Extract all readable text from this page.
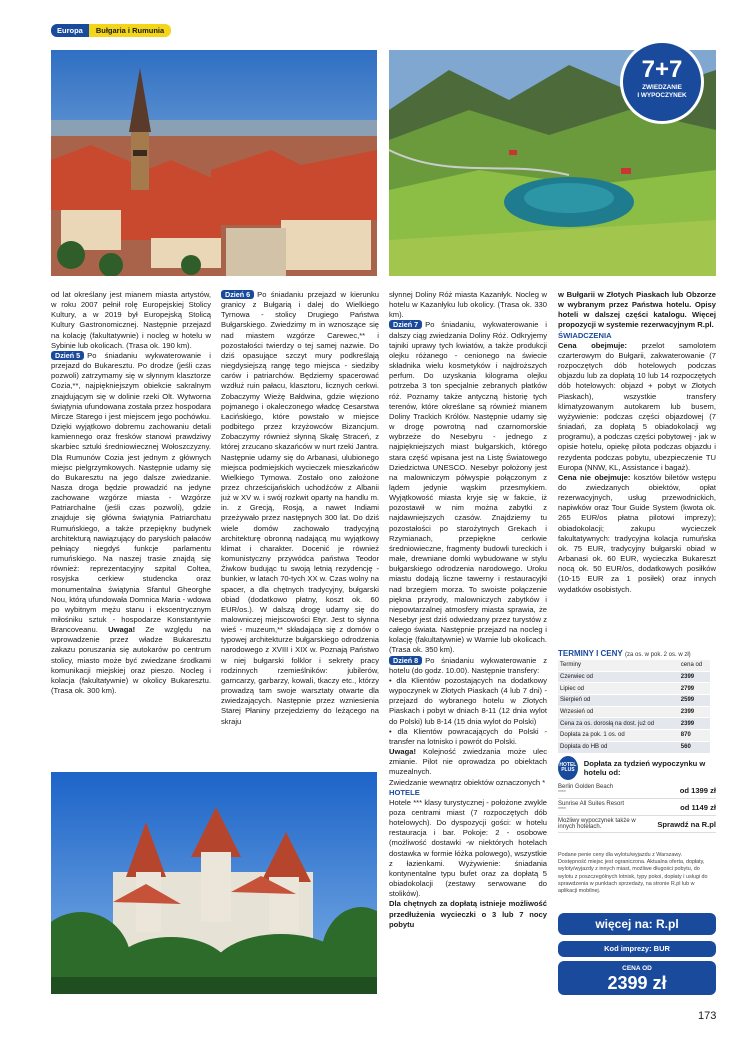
Europa	Bułgaria i Rumunia
7+7
ZWIEDZANIE
I WYPOCZYNEK

od lat określany jest mianem miasta artystów, w roku 2007 pełnił rolę Europejskiej Stolicy Kultury, a w 2019 był Europejską Stolicą Kultury Gastronomicznej. Następnie przejazd na kolację (fakultatywnie) i nocleg w hotelu w Sybinie lub okolicach. (Trasa ok. 190 km).

Dzień 5 Po śniadaniu wykwaterowanie i przejazd do Bukaresztu. Po drodze (jeśli czas pozwoli) zatrzymamy się w słynnym klasztorze Cozia,**, najpiękniejszym obiekcie sakralnym znajdującym się w dolinie rzeki Olt. Wytworna świątynia ufundowana została przez hospodara Mircze Starego i jest miejscem jego pochówku. Dzięki wyjątkowo dobremu zachowaniu detali kamiennego oraz fresków stanowi prawdziwy skarbiec sztuki średniowiecznej Wołoszczyzny. Dla Rumunów Cozia jest jednym z głównych miejsc pielgrzymkowych. Następnie udamy się do Bukaresztu na jego dalsze zwiedzanie. Nasza droga będzie prowadzić na jedyne zachowane wzgórze miasta - Wzgórze Patriarchalne (jeśli czas pozwoli), gdzie znajduje się główna świątynia Patriarchatu Rumuńskiego, a także przepiękny budynek architekturą nawiązujący do paryskich pałaców pełniący niegdyś funkcje parlamentu rumuńskiego. Na naszej trasie znajdą się również: reprezentacyjny szpital Coltea, rosyjska cerkiew studencka oraz monumentalna świątynia Sfantul Gheorghe Nou, którą ufundowała Domnica Maria - wdowa po wybitnym mężu stanu i ekscentrycznym miłośniku sztuk - hospodarze Konstantynie Brancoveanu. Uwaga! Ze względu na wprowadzenie przez władze Bukaresztu zakazu poruszania się autokarów po centrum stolicy, miasto może być zwiedzane środkami komunikacji miejskiej oraz pieszo. Nocleg i kolacja (fakultatywnie) w okolicy Bukaresztu. (Trasa ok. 300 km).

Dzień 6 Po śniadaniu przejazd w kierunku granicy z Bułgarią i dalej do Wielkiego Tyrnowa - stolicy Drugiego Państwa Bułgarskiego. Zwiedzimy m in wznoszące się nad miastem wzgórze Carewec,** i pozostałości twierdzy o tej samej nazwie. Do dziś opasujące szczyt mury podkreślają niegdysiejszą rangę tego miejsca - siedziby carów i patriarchów. Będziemy spacerować wzdłuż ruin pałacu, klasztoru, licznych cerkwi. Zobaczymy Wieżę Bałdwina, gdzie więziono pojmanego i okaleczonego władcę Cesarstwa Łacińskiego, które powstało w miejsce podbitego przez krzyżowców Bizancjum. Zobaczymy również słynną Skałę Straceń, z której zrzucano skazańców w nurt rzeki Jantra. Następnie udamy się do Arbanasi, ulubionego miejsca podmiejskich wycieczek mieszkańców Wielkiego Tyrnowa. Zostało ono założone przez chrześcijańskich uchodźców z Albanii już w XV w. i swój rozkwit oparty na handlu m. in. z Grecją, Rosją, a nawet Indiami przeżywało przez następnych 300 lat. Do dziś wiele domów zachowało tradycyjną architekturę obronną nadającą mu wyjątkowy klimat i charakter. Docenić je również komunistyczny przywódca państwa Teodor Żiwkow budując tu swoją letnią rezydencję - bunkier, w latach 70-tych XX w. Czas wolny na spacer, a dla chętnych tradycyjny, bułgarski obiad (dodatkowo płatny, koszt ok. 60 EUR/os.). W dalszą drogę udamy się do malowniczej miejscowości Etyr. Jest to słynna wieś - muzeum,** składająca się z domów o typowej architekturze bułgarskiego odrodzenia narodowego z XVIII i XIX w. Poznają Państwo w niej bułgarski folklor i sekrety pracy rodzinnych rzemieślników: jubilerów, garncarzy, garbarzy, kowali, tkaczy etc., którzy prowadzą tam swoje warsztaty otwarte dla zwiedzających. Następnie przez wzniesienia Starej Płaniny przejedziemy do leżącego na skraju

słynnej Doliny Róż miasta Kazanłyk. Nocleg w hotelu w Kazanłyku lub okolicy. (Trasa ok. 330 km).

Dzień 7 Po śniadaniu, wykwaterowanie i dalszy ciąg zwiedzania Doliny Róż. Odkryjemy tajniki uprawy tych kwiatów, a także produkcji olejku różanego - cenionego na świecie składnika wielu kosmetyków i najdroższych perfum. Do uzyskania kilograma olejku potrzeba 3 ton specjalnie zebranych płatków róż. Poznamy także antyczną historię tych terenów, które określane są również mianem Doliny Trackich Królów. Następnie udamy się w drogę powrotną nad czarnomorskie wybrzeże do Nesebyru - jednego z najpiękniejszych miast bułgarskich, którego stara część wpisana jest na Listę Światowego Dziedzictwa UNESCO. Nesebyr położony jest na malowniczym półwyspie połączonym z lądem jedynie wąskim przesmykiem. Wyjątkowość miasta kryje się w fakcie, iż pozostawił w nim można zabytki z najdawniejszych czasów. Znajdziemy tu pozostałości po starożytnych Grekach i Rzymianach, przepiękne cerkwie średniowieczne, fragmenty budowli tureckich i małe, drewniane domki wybudowane w stylu bułgarskiego odrodzenia narodowego. Uroku miastu dodają liczne tawerny i restauracyjki nad brzegiem morza. To swoiste połączenie piękna przyrody, malowniczych zabytków i niepowtarzalnej atmosfery miasta sprawia, że Nesebyr jest dziś odwiedzany przez turystów z całego świata. Następnie przejazd na nocleg i kolację (fakultatywnie) w Warnie lub okolicach. (Trasa ok. 350 km).

Dzień 8 Po śniadaniu wykwaterowanie z hotelu (do godz. 10.00). Następnie transfery:

• dla Klientów pozostających na dodatkowy wypoczynek w Złotych Piaskach (4 lub 7 dni) - przejazd do wybranego hotelu w Złotych Piaskach i pobyt w dniach 8-11 (12 dnia wylot do Polski) lub 8-14 (15 dnia wylot do Polski)

• dla Klientów powracających do Polski - transfer na lotnisko i powrót do Polski.

Uwaga! Kolejność zwiedzania może ulec zmianie. Pilot nie oprowadza po obiektach muzealnych.

Zwiedzanie wewnątrz obiektów oznaczonych *

HOTELE

Hotele *** klasy turystycznej - położone zwykle poza centrami miast (7 rozpoczętych dób hotelowych). Do dyspozycji gości: w hotelu restauracja i bar. Pokoje: 2 - osobowe (możliwość dostawki -w niektórych hotelach dostawka w formie łóżka polowego), wszystkie z łazienkami. Wyżywienie: śniadania kontynentalne typu bufet oraz za dopłatą 5 obiadokolacji (zestawy serwowane do stolików).

Dla chętnych za dopłatą istnieje możliwość przedłużenia wycieczki o 3 lub 7 nocy pobytu

w Bułgarii w Złotych Piaskach lub Obzorze w wybranym przez Państwa hotelu. Opisy hoteli w dalszej części katalogu. Więcej propozycji w systemie rezerwacyjnym R.pl.

ŚWIADCZENIA

Cena obejmuje: przelot samolotem czarterowym do Bułgarii, zakwaterowanie (7 rozpoczętych dób hotelowych podczas objazdu lub za dopłatą 10 lub 14 rozpoczętych dób hotelowych: objazd + pobyt w Złotych Piaskach), wszystkie transfery klimatyzowanym autokarem lub busem, wyżywienie: podczas części objazdowej (7 śniadań, za dopłatą 5 obiadokolacji wg programu), a podczas części pobytowej - jak w opisie hotelu, opiekę pilota podczas objazdu i rezydenta podczas pobytu, ubezpieczenie TU Europa (NNW, KL, Assistance i bagaż).

Cena nie obejmuje: kosztów biletów wstępu do zwiedzanych obiektów, opłat rezerwacyjnych, usług przewodnickich, napiwków oraz Tour Guide System (kwota ok. 265 EUR/os płatna pilotowi imprezy); obiadokolacji; zakupu wycieczek fakultatywnych: tradycyjna kolacja rumuńska ok. 75 EUR, tradycyjny bułgarski obiad w Arbanasi ok. 60 EUR, wycieczka Bukareszt nocą ok. 50 EUR/os, dodatkowych posiłków (10-15 EUR za 1 posiłek) oraz innych wydatków osobistych.

TERMINY I CENY (za os. w pok. 2 os. w zł)
Terminy	cena od
Czerwiec od	2399
Lipiec od	2799
Sierpień od	2599
Wrzesień od	2399
Cena za os. dorosłą na dost. już od	2399
Dopłata za pok. 1 os. od	870
Dopłata do HB od	560
HOTEL
PLUS
Dopłata za tydzień wypoczynku w hotelu od:
Berlin Golden Beach
****	od 1399 zł
Sunrise All Suites Resort
****	od 1149 zł
Możliwy wypoczynek także w innych hotelach.	Sprawdź na R.pl
Podane penie ceny dla wylotu/wyjazdu z Warszawy. Dostępność miejsc jest ograniczona. Aktualna oferta, dopłaty, wyloty/wyjazdy z innych miast, możliwe długości pobytu, do wylotu z poszczególnych lotnisk, typy pokoi, dopłaty i usługi do sprawdzenia w punktach sprzedaży, na stronie R.pl lub w aplikacji mobilnej.
więcej na: R.pl
Kod imprezy: BUR
CENA OD
2399 zł
173
